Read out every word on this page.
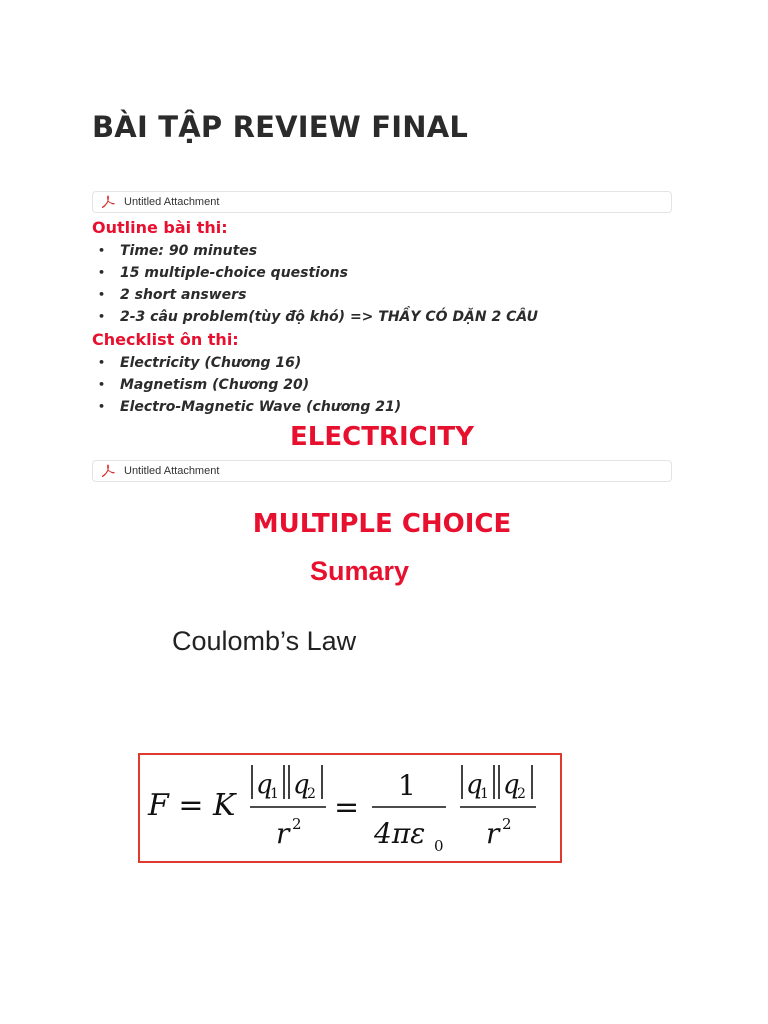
BÀI TẬP REVIEW FINAL
Untitled Attachment
Outline bài thi:
• Time: 90 minutes
• 15 multiple-choice questions
• 2 short answers
• 2-3 câu problem(tùy độ khó) => THẦY CÓ DẶN 2 CÂU
Checklist ôn thi:
• Electricity (Chương 16)
• Magnetism (Chương 20)
• Electro-Magnetic Wave (chương 21)
ELECTRICITY
Untitled Attachment
MULTIPLE CHOICE
Sumary
Coulomb’s Law
F = K
q
1 q
2
r 2 =
1
4πε 0
q
1 q
2
r 2
